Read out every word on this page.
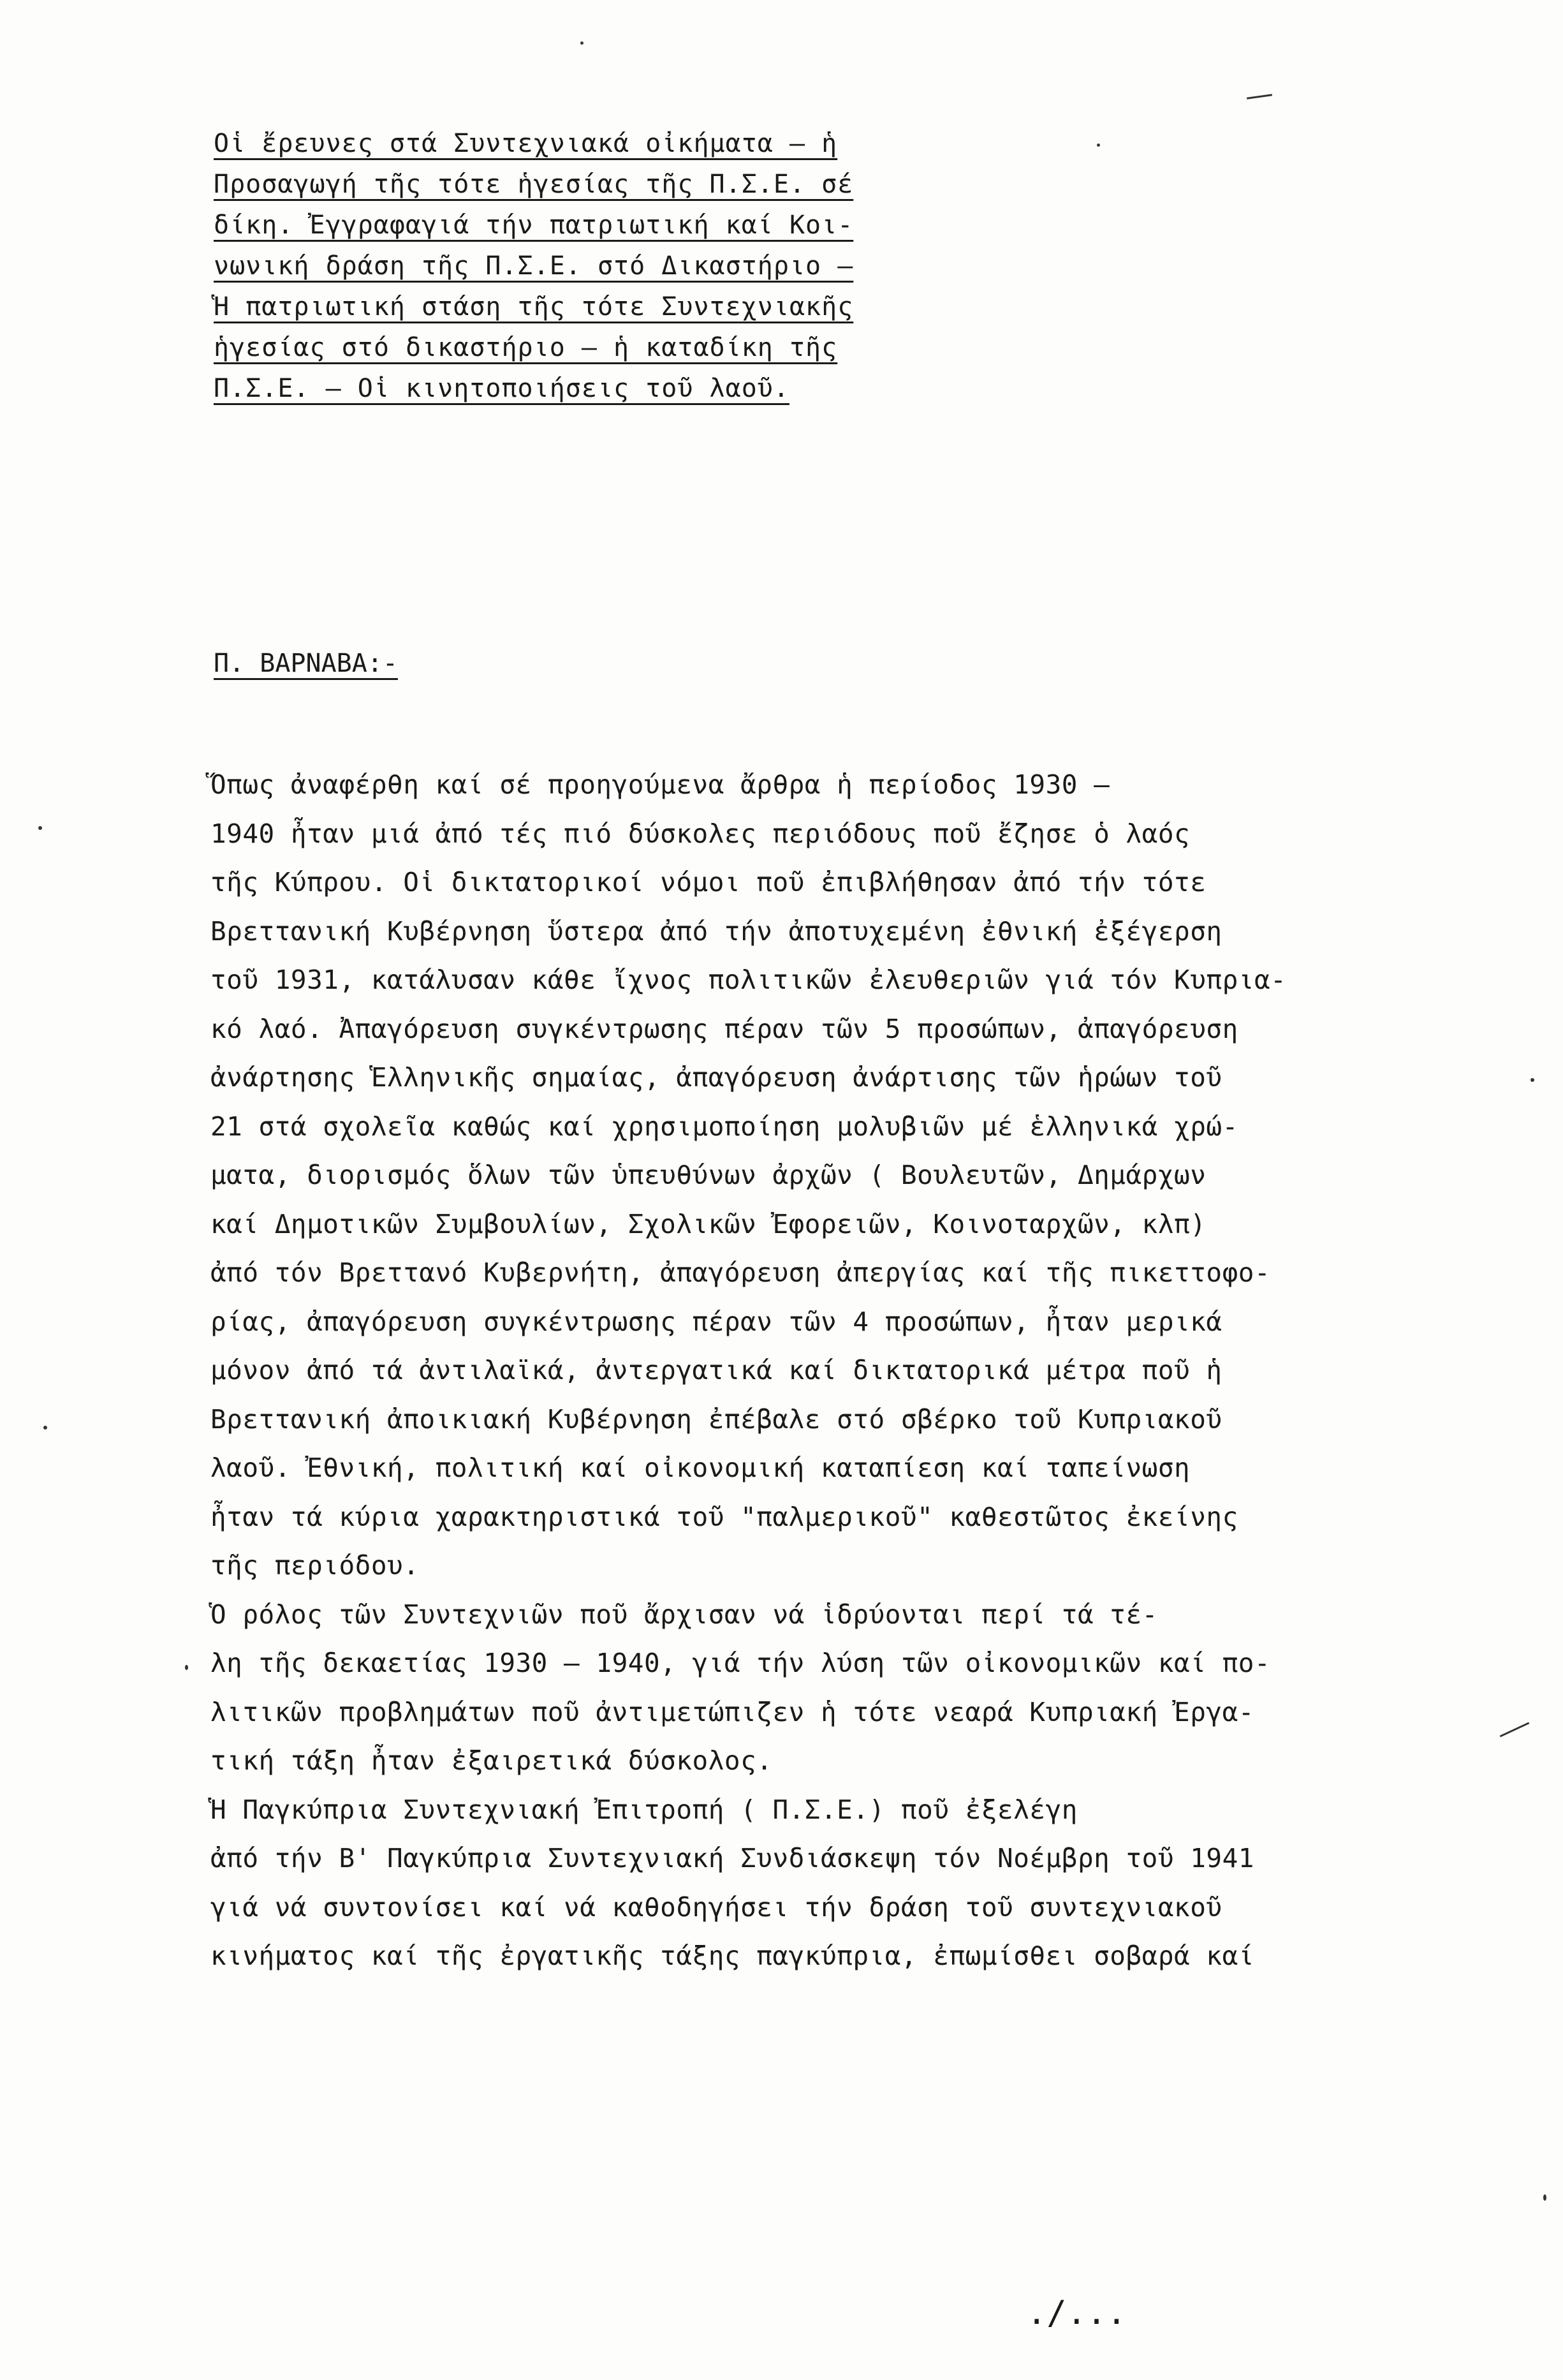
Οἱ ἔρευνες στά Συντεχνιακά οἰκήματα – ἡ
Προσαγωγή τῆς τότε ἡγεσίας τῆς Π.Σ.Ε. σέ
δίκη. Ἐγγραφαγιά τήν πατριωτική καί Κοι-
νωνική δράση τῆς Π.Σ.Ε. στό Δικαστήριο –
Ἡ πατριωτική στάση τῆς τότε Συντεχνιακῆς
ἡγεσίας στό δικαστήριο – ἡ καταδίκη τῆς
Π.Σ.Ε. – Οἱ κινητοποιήσεις τοῦ λαοῦ.
Π. ΒΑΡΝΑΒΑ:-
Ὅπως ἀναφέρθη καί σέ προηγούμενα ἄρθρα ἡ περίοδος 1930 –
1940 ἦταν μιά ἀπό τές πιό δύσκολες περιόδους ποῦ ἔζησε ὁ λαός
τῆς Κύπρου. Οἱ δικτατορικοί νόμοι ποῦ ἐπιβλήθησαν ἀπό τήν τότε
Βρεττανική Κυβέρνηση ὕστερα ἀπό τήν ἀποτυχεμένη ἐθνική ἐξέγερση
τοῦ 1931, κατάλυσαν κάθε ἴχνος πολιτικῶν ἐλευθεριῶν γιά τόν Κυπρια-
κό λαό. Ἀπαγόρευση συγκέντρωσης πέραν τῶν 5 προσώπων, ἀπαγόρευση
ἀνάρτησης Ἑλληνικῆς σημαίας, ἀπαγόρευση ἀνάρτισης τῶν ἡρώων τοῦ
21 στά σχολεῖα καθώς καί χρησιμοποίηση μολυβιῶν μέ ἑλληνικά χρώ-
ματα, διορισμός ὅλων τῶν ὑπευθύνων ἀρχῶν ( Βουλευτῶν, Δημάρχων
καί Δημοτικῶν Συμβουλίων, Σχολικῶν Ἐφορειῶν, Κοινοταρχῶν, κλπ)
ἀπό τόν Βρεττανό Κυβερνήτη, ἀπαγόρευση ἀπεργίας καί τῆς πικεττοφο-
ρίας, ἀπαγόρευση συγκέντρωσης πέραν τῶν 4 προσώπων, ἦταν μερικά
μόνον ἀπό τά ἀντιλαϊκά, ἀντεργατικά καί δικτατορικά μέτρα ποῦ ἡ
Βρεττανική ἀποικιακή Κυβέρνηση ἐπέβαλε στό σβέρκο τοῦ Κυπριακοῦ
λαοῦ. Ἐθνική, πολιτική καί οἰκονομική καταπίεση καί ταπείνωση
ἦταν τά κύρια χαρακτηριστικά τοῦ "παλμερικοῦ" καθεστῶτος ἐκείνης
τῆς περιόδου.
Ὁ ρόλος τῶν Συντεχνιῶν ποῦ ἄρχισαν νά ἱδρύονται περί τά τέ-
λη τῆς δεκαετίας 1930 – 1940, γιά τήν λύση τῶν οἰκονομικῶν καί πο-
λιτικῶν προβλημάτων ποῦ ἀντιμετώπιζεν ἡ τότε νεαρά Κυπριακή Ἐργα-
τική τάξη ἦταν ἐξαιρετικά δύσκολος.
Ἡ Παγκύπρια Συντεχνιακή Ἐπιτροπή ( Π.Σ.Ε.) ποῦ ἐξελέγη
ἀπό τήν Β' Παγκύπρια Συντεχνιακή Συνδιάσκεψη τόν Νοέμβρη τοῦ 1941
γιά νά συντονίσει καί νά καθοδηγήσει τήν δράση τοῦ συντεχνιακοῦ
κινήματος καί τῆς ἐργατικῆς τάξης παγκύπρια, ἐπωμίσθει σοβαρά καί
./...
